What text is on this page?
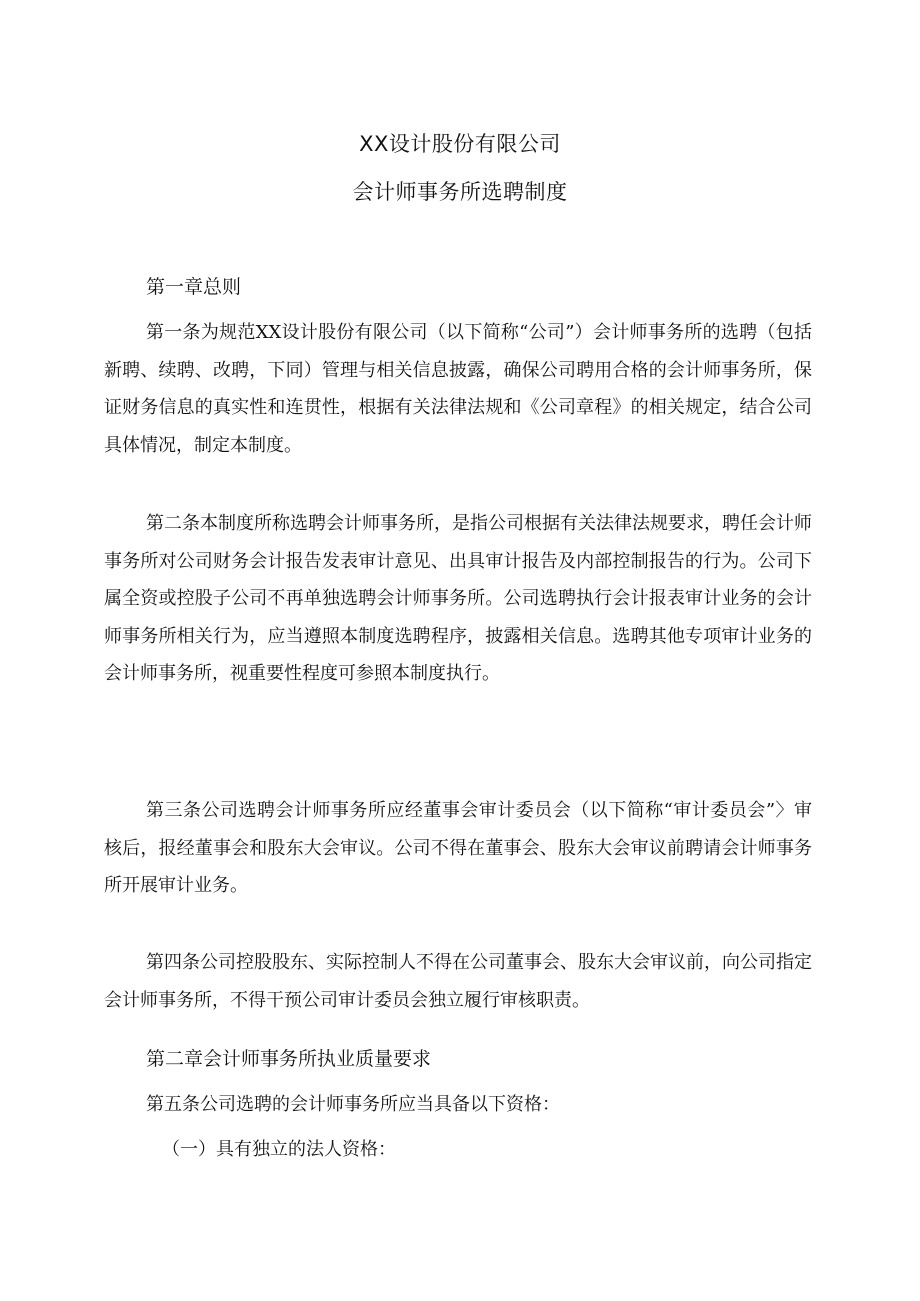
XX设计股份有限公司
会计师事务所选聘制度
第一章总则
第一条为规范XX设计股份有限公司（以下简称“公司”）会计师事务所的选聘（包括新聘、续聘、改聘，下同）管理与相关信息披露，确保公司聘用合格的会计师事务所，保证财务信息的真实性和连贯性，根据有关法律法规和《公司章程》的相关规定，结合公司具体情况，制定本制度。
第二条本制度所称选聘会计师事务所，是指公司根据有关法律法规要求，聘任会计师事务所对公司财务会计报告发表审计意见、出具审计报告及内部控制报告的行为。公司下属全资或控股子公司不再单独选聘会计师事务所。公司选聘执行会计报表审计业务的会计师事务所相关行为，应当遵照本制度选聘程序，披露相关信息。选聘其他专项审计业务的会计师事务所，视重要性程度可参照本制度执行。
第三条公司选聘会计师事务所应经董事会审计委员会（以下简称“审计委员会”〉审核后，报经董事会和股东大会审议。公司不得在董事会、股东大会审议前聘请会计师事务所开展审计业务。
第四条公司控股股东、实际控制人不得在公司董事会、股东大会审议前，向公司指定会计师事务所，不得干预公司审计委员会独立履行审核职责。
第二章会计师事务所执业质量要求
第五条公司选聘的会计师事务所应当具备以下资格：
（一）具有独立的法人资格：
